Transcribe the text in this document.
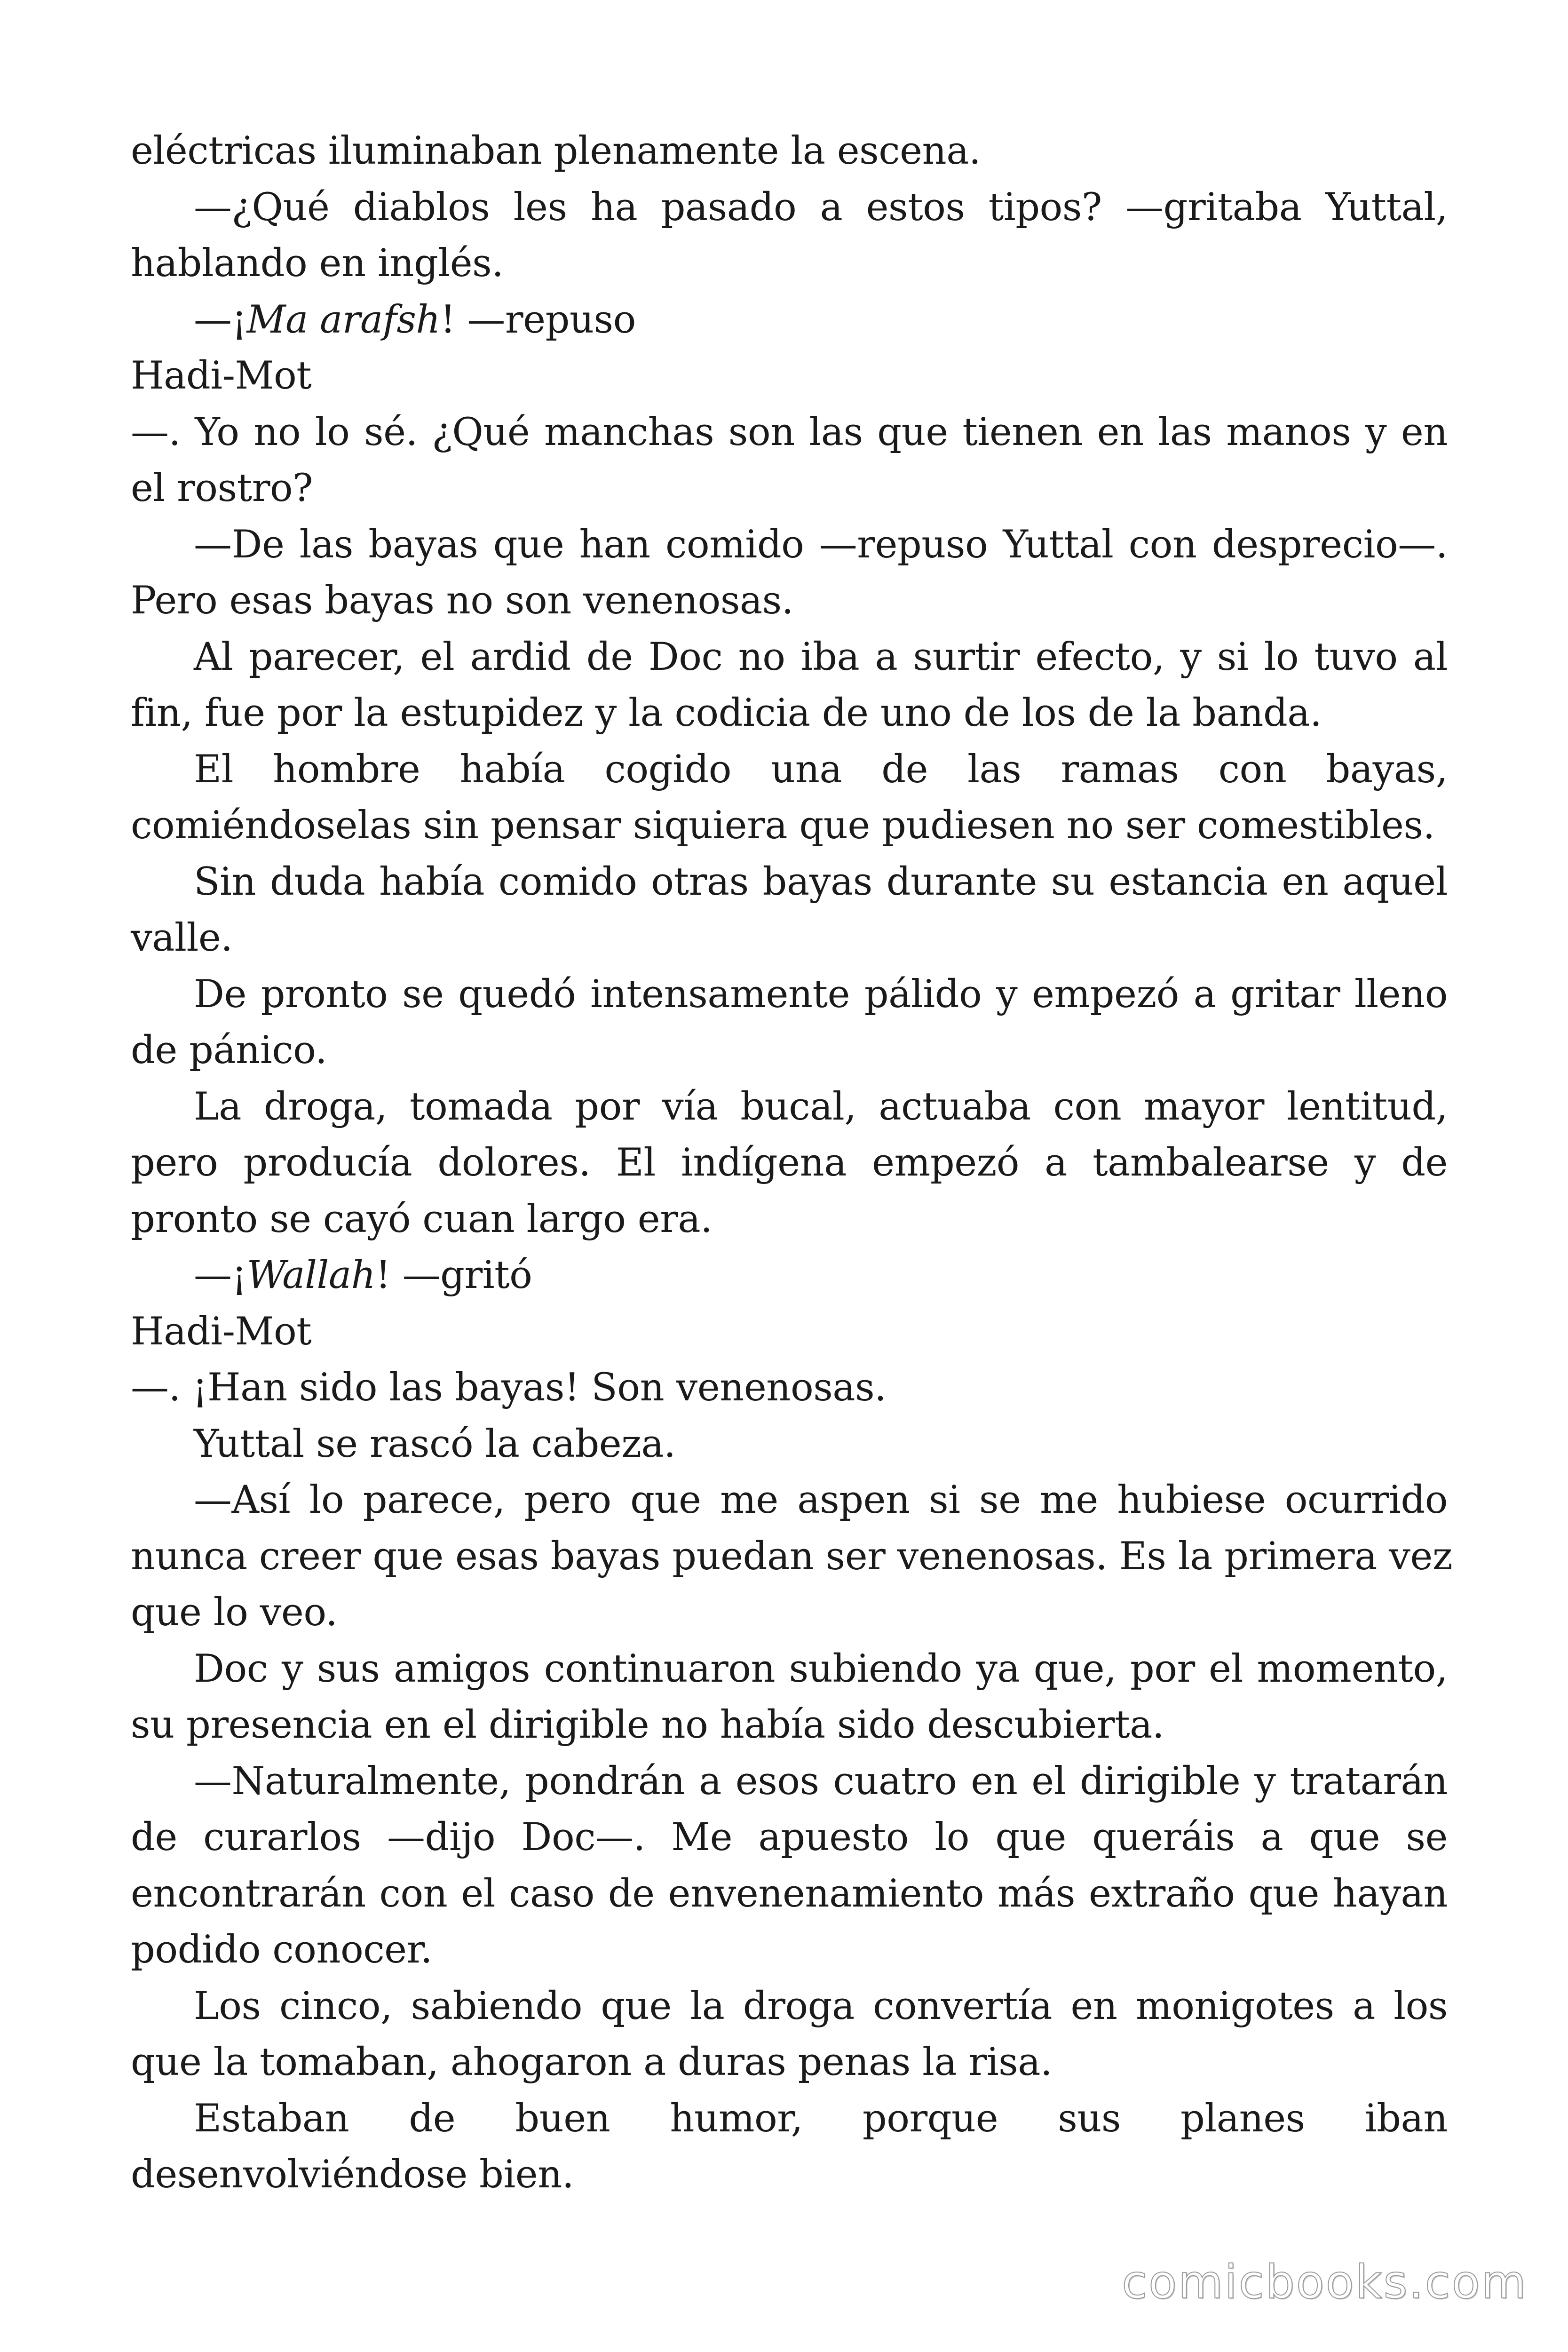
eléctricas iluminaban plenamente la escena.
—¿Qué diablos les ha pasado a estos tipos? —gritaba Yuttal,
hablando en inglés.
—¡Ma arafsh! —repuso
Hadi-Mot
—. Yo no lo sé. ¿Qué manchas son las que tienen en las manos y en
el rostro?
—De las bayas que han comido —repuso Yuttal con desprecio—.
Pero esas bayas no son venenosas.
Al parecer, el ardid de Doc no iba a surtir efecto, y si lo tuvo al
fin, fue por la estupidez y la codicia de uno de los de la banda.
El hombre había cogido una de las ramas con bayas,
comiéndoselas sin pensar siquiera que pudiesen no ser comestibles.
Sin duda había comido otras bayas durante su estancia en aquel
valle.
De pronto se quedó intensamente pálido y empezó a gritar lleno
de pánico.
La droga, tomada por vía bucal, actuaba con mayor lentitud,
pero producía dolores. El indígena empezó a tambalearse y de
pronto se cayó cuan largo era.
—¡Wallah! —gritó
Hadi-Mot
—. ¡Han sido las bayas! Son venenosas.
Yuttal se rascó la cabeza.
—Así lo parece, pero que me aspen si se me hubiese ocurrido
nunca creer que esas bayas puedan ser venenosas. Es la primera vez
que lo veo.
Doc y sus amigos continuaron subiendo ya que, por el momento,
su presencia en el dirigible no había sido descubierta.
—Naturalmente, pondrán a esos cuatro en el dirigible y tratarán
de curarlos —dijo Doc—. Me apuesto lo que queráis a que se
encontrarán con el caso de envenenamiento más extraño que hayan
podido conocer.
Los cinco, sabiendo que la droga convertía en monigotes a los
que la tomaban, ahogaron a duras penas la risa.
Estaban de buen humor, porque sus planes iban
desenvolviéndose bien.
comicbooks.com
